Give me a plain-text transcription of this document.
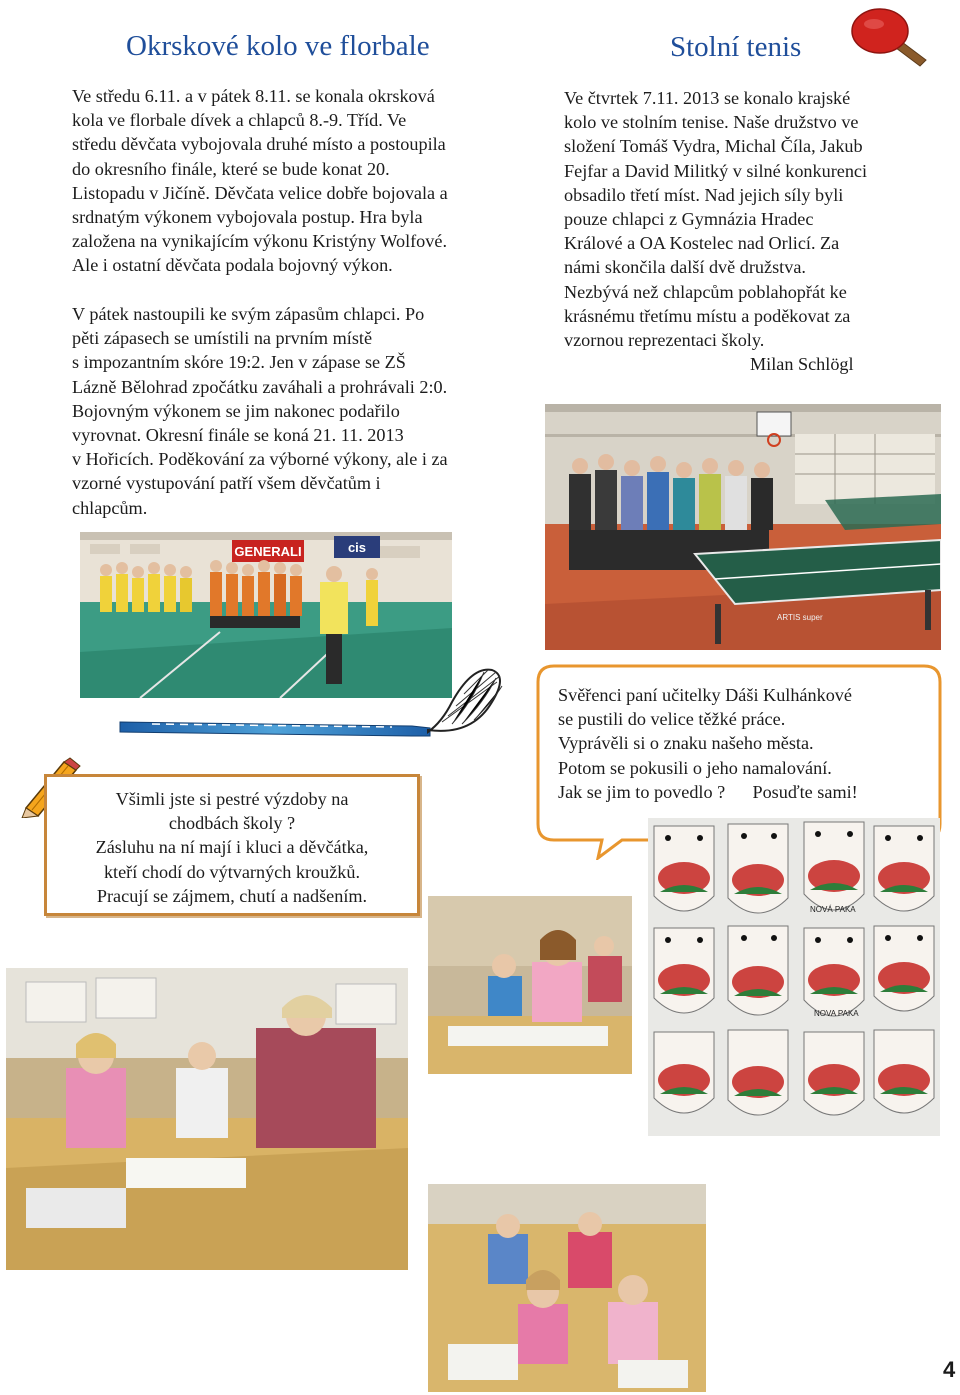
Okrskové kolo ve florbale

Ve středu 6.11. a v pátek 8.11. se konala okrsková

kola ve florbale dívek a chlapců 8.-9. Tříd. Ve

středu děvčata vybojovala druhé místo a postoupila

do okresního finále, které se bude konat 20.

Listopadu v Jičíně. Děvčata velice dobře bojovala a

srdnatým výkonem vybojovala postup. Hra byla

založena na vynikajícím výkonu Kristýny Wolfové.

Ale i ostatní děvčata podala bojovný výkon.

V pátek nastoupili ke svým zápasům chlapci. Po

pěti zápasech se umístili na prvním místě

s impozantním skóre 19:2. Jen v zápase se ZŠ

Lázně Bělohrad zpočátku zaváhali a prohrávali 2:0.

Bojovným výkonem se jim nakonec podařilo

vyrovnat. Okresní finále se koná 21. 11. 2013

v Hořicích. Poděkování za výborné výkony, ale i za

vzorné vystupování patří všem děvčatům i

chlapcům.

GENERALI	cis
Stolní tenis

Ve čtvrtek 7.11. 2013 se konalo krajské

kolo ve stolním tenise. Naše družstvo ve

složení Tomáš Vydra, Michal Číla, Jakub

Fejfar a David Militký v silné konkurenci

obsadilo třetí míst. Nad jejich síly byli

pouze chlapci z Gymnázia Hradec

Králové a OA Kostelec nad Orlicí. Za

námi skončila další dvě družstva.

Nezbývá než chlapcům poblahopřát ke

krásnému třetímu místu a poděkovat za

vzornou reprezentaci školy.

Milan Schlögl

ARTIS super

Všimli jste si pestré výzdoby na

chodbách školy ?

Zásluhu na ní mají i kluci a děvčátka,

kteří chodí do výtvarných kroužků.

Pracují se zájmem, chutí a nadšením.

Svěřenci paní učitelky Dáši Kulhánkové

se pustili do velice těžké práce.

Vyprávěli si o znaku našeho města.

Potom se pokusili o jeho namalování.

Jak se jim to povedlo ?      Posuďte sami!

NOVÁ PAKA
NOVA PAKA
4
